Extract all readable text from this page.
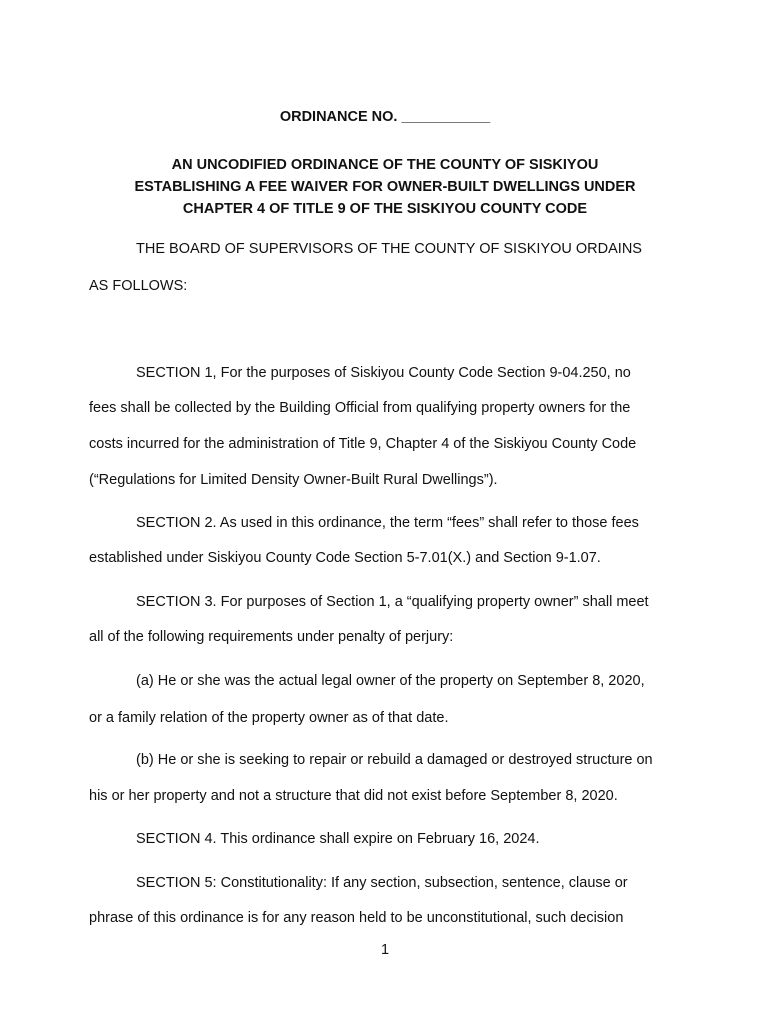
ORDINANCE NO. ___________
AN UNCODIFIED ORDINANCE OF THE COUNTY OF SISKIYOU
ESTABLISHING A FEE WAIVER FOR OWNER-BUILT DWELLINGS UNDER
CHAPTER 4 OF TITLE 9 OF THE SISKIYOU COUNTY CODE
THE BOARD OF SUPERVISORS OF THE COUNTY OF SISKIYOU ORDAINS
AS FOLLOWS:
SECTION 1, For the purposes of Siskiyou County Code Section 9-04.250, no
fees shall be collected by the Building Official from qualifying property owners for the
costs incurred for the administration of Title 9, Chapter 4 of the Siskiyou County Code
(“Regulations for Limited Density Owner-Built Rural Dwellings”).
SECTION 2. As used in this ordinance, the term “fees” shall refer to those fees
established under Siskiyou County Code Section 5-7.01(X.) and Section 9-1.07.
SECTION 3. For purposes of Section 1, a “qualifying property owner” shall meet
all of the following requirements under penalty of perjury:
(a) He or she was the actual legal owner of the property on September 8, 2020,
or a family relation of the property owner as of that date.
(b) He or she is seeking to repair or rebuild a damaged or destroyed structure on
his or her property and not a structure that did not exist before September 8, 2020.
SECTION 4. This ordinance shall expire on February 16, 2024.
SECTION 5: Constitutionality: If any section, subsection, sentence, clause or
phrase of this ordinance is for any reason held to be unconstitutional, such decision
1
